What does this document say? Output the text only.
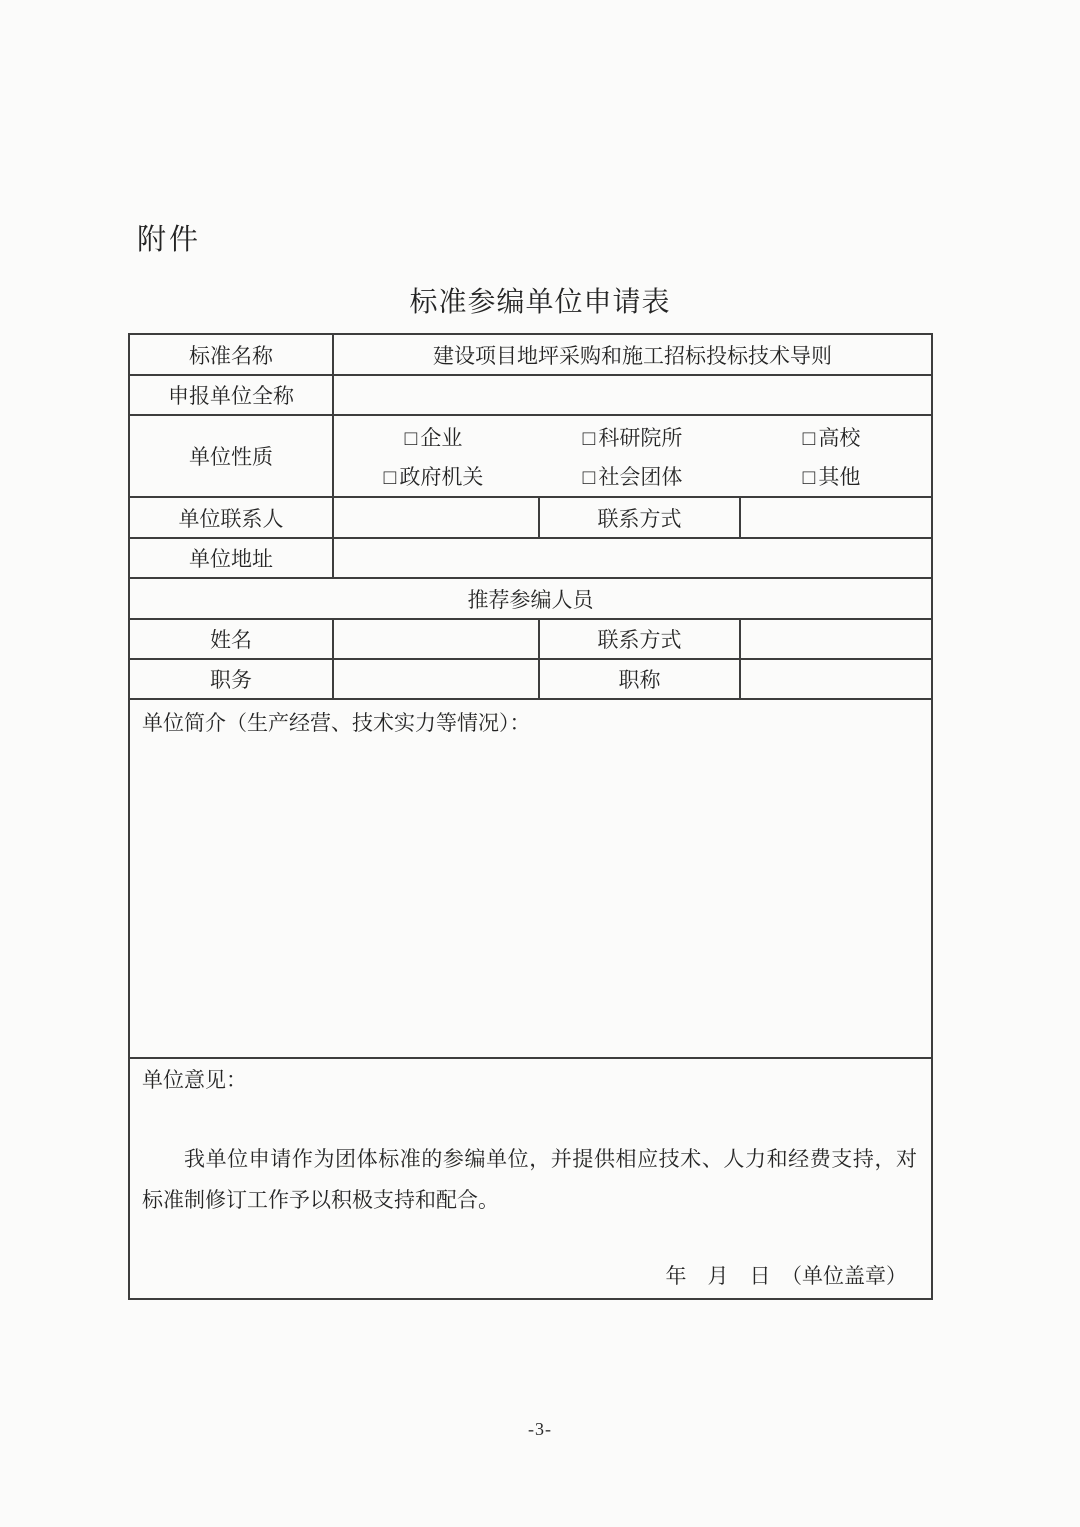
附件
标准参编单位申请表
标准名称	建设项目地坪采购和施工招标投标技术导则		
申报单位全称			
单位性质	
□ 企业	□ 科研院所	□ 高校
□ 政府机关	□ 社会团体	□ 其他

单位联系人		联系方式	
单位地址			
推荐参编人员			
姓名		联系方式	
职务		职称	

单位简介（生产经营、技术实力等情况）：			

单位意见：

我单位申请作为团体标准的参编单位，并提供相应技术、人力和经费支持，对标准制修订工作予以积极支持和配合。

年　月　日　（单位盖章）			
-3-
